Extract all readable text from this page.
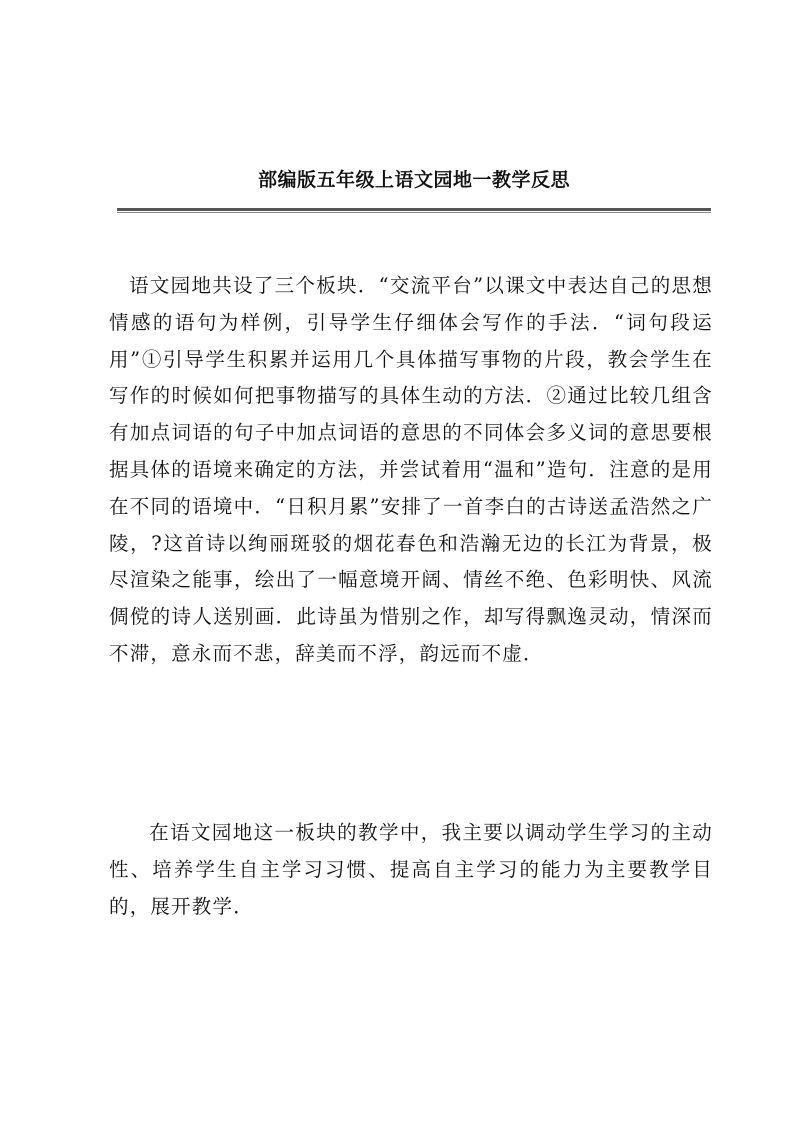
部编版五年级上语文园地一教学反思

语文园地共设了三个板块．“交流平台”以课文中表达自己的思想情感的语句为样例，引导学生仔细体会写作的手法．“词句段运用”①引导学生积累并运用几个具体描写事物的片段，教会学生在写作的时候如何把事物描写的具体生动的方法．②通过比较几组含有加点词语的句子中加点词语的意思的不同体会多义词的意思要根据具体的语境来确定的方法，并尝试着用“温和”造句．注意的是用在不同的语境中．“日积月累”安排了一首李白的古诗送孟浩然之广陵，?这首诗以绚丽斑驳的烟花春色和浩瀚无边的长江为背景，极尽渲染之能事，绘出了一幅意境开阔、情丝不绝、色彩明快、风流倜傥的诗人送别画．此诗虽为惜别之作，却写得飘逸灵动，情深而不滞，意永而不悲，辞美而不浮，韵远而不虚．

在语文园地这一板块的教学中，我主要以调动学生学习的主动性、培养学生自主学习习惯、提高自主学习的能力为主要教学目的，展开教学．
